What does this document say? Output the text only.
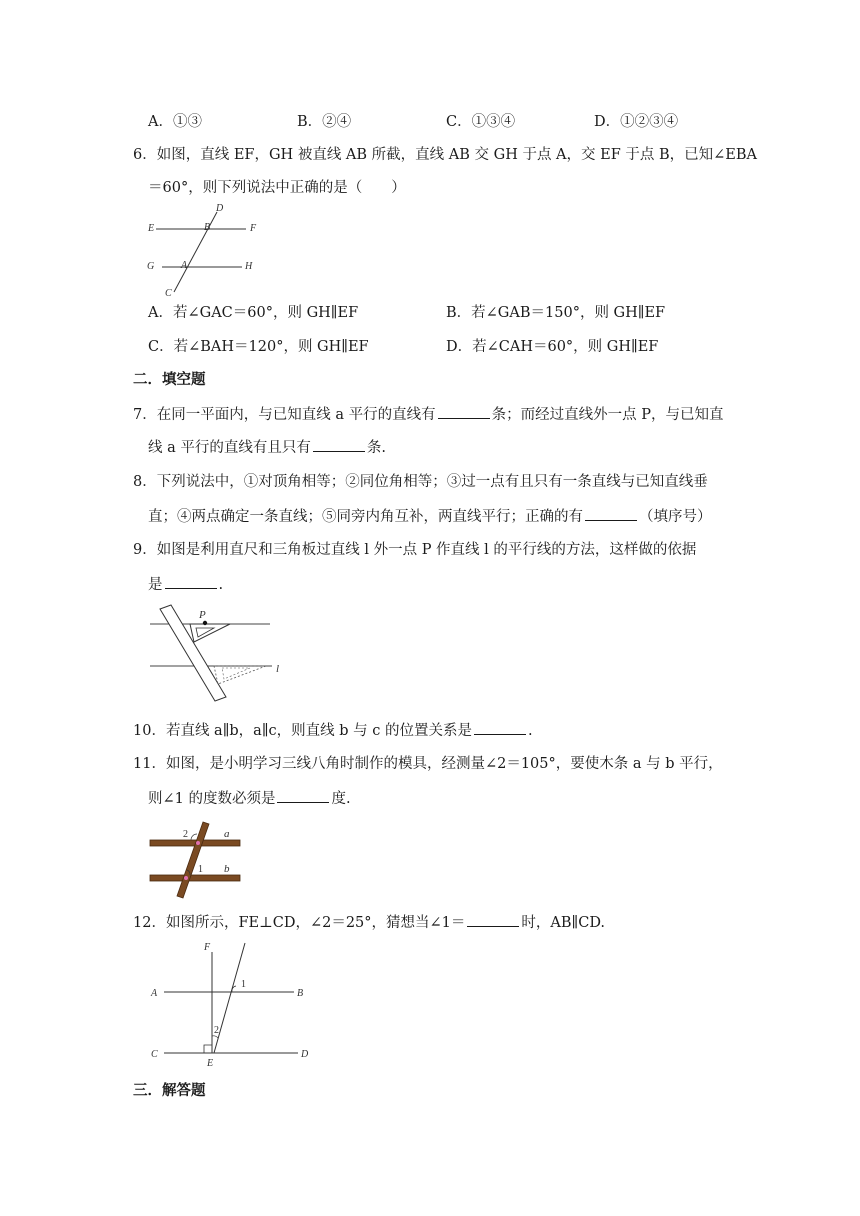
A．①③	B．②④	C．①③④	D．①②③④
6．如图，直线 EF，GH 被直线 AB 所截，直线 AB 交 GH 于点 A，交 EF 于点 B，已知∠EBA
＝60°，则下列说法中正确的是（　　）
D
E	B	F
G	A	H
C
A．若∠GAC＝60°，则 GH∥EF	B．若∠GAB＝150°，则 GH∥EF
C．若∠BAH＝120°，则 GH∥EF	D．若∠CAH＝60°，则 GH∥EF
二．填空题
7．在同一平面内，与已知直线 a 平行的直线有	条；而经过直线外一点 P，与已知直
线 a 平行的直线有且只有	条.
8．下列说法中，①对顶角相等；②同位角相等；③过一点有且只有一条直线与已知直线垂
直；④两点确定一条直线；⑤同旁内角互补，两直线平行；正确的有	（填序号）
9．如图是利用直尺和三角板过直线 l 外一点 P 作直线 l 的平行线的方法，这样做的依据
是	.
P
l
10．若直线 a∥b，a∥c，则直线 b 与 c 的位置关系是	.
11．如图，是小明学习三线八角时制作的模具，经测量∠2＝105°，要使木条 a 与 b 平行，
则∠1 的度数必须是	度.
2	a
1 b
12．如图所示，FE⊥CD，∠2＝25°，猜想当∠1＝	时，AB∥CD.
F
A
1
B
2
C
E
D
三．解答题
